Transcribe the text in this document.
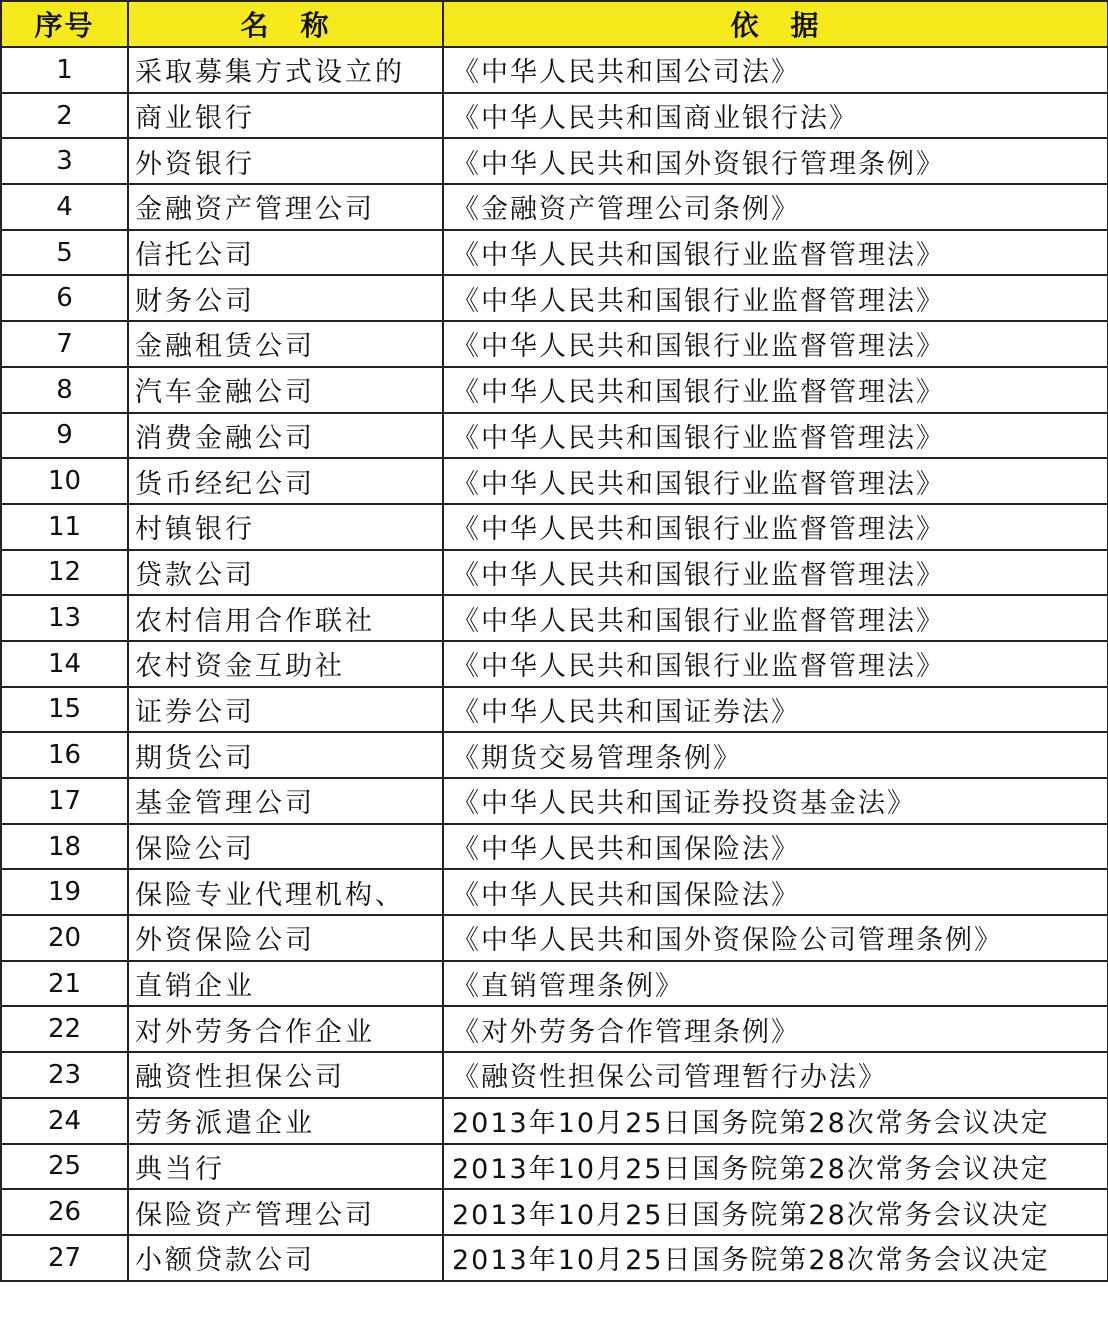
序号	名　称	依　据
1	采取募集方式设立的	《中华人民共和国公司法》
2	商业银行	《中华人民共和国商业银行法》
3	外资银行	《中华人民共和国外资银行管理条例》
4	金融资产管理公司	《金融资产管理公司条例》
5	信托公司	《中华人民共和国银行业监督管理法》
6	财务公司	《中华人民共和国银行业监督管理法》
7	金融租赁公司	《中华人民共和国银行业监督管理法》
8	汽车金融公司	《中华人民共和国银行业监督管理法》
9	消费金融公司	《中华人民共和国银行业监督管理法》
10	货币经纪公司	《中华人民共和国银行业监督管理法》
11	村镇银行	《中华人民共和国银行业监督管理法》
12	贷款公司	《中华人民共和国银行业监督管理法》
13	农村信用合作联社	《中华人民共和国银行业监督管理法》
14	农村资金互助社	《中华人民共和国银行业监督管理法》
15	证券公司	《中华人民共和国证券法》
16	期货公司	《期货交易管理条例》
17	基金管理公司	《中华人民共和国证券投资基金法》
18	保险公司	《中华人民共和国保险法》
19	保险专业代理机构、	《中华人民共和国保险法》
20	外资保险公司	《中华人民共和国外资保险公司管理条例》
21	直销企业	《直销管理条例》
22	对外劳务合作企业	《对外劳务合作管理条例》
23	融资性担保公司	《融资性担保公司管理暂行办法》
24	劳务派遣企业	2013年10月25日国务院第28次常务会议决定
25	典当行	2013年10月25日国务院第28次常务会议决定
26	保险资产管理公司	2013年10月25日国务院第28次常务会议决定
27	小额贷款公司	2013年10月25日国务院第28次常务会议决定
